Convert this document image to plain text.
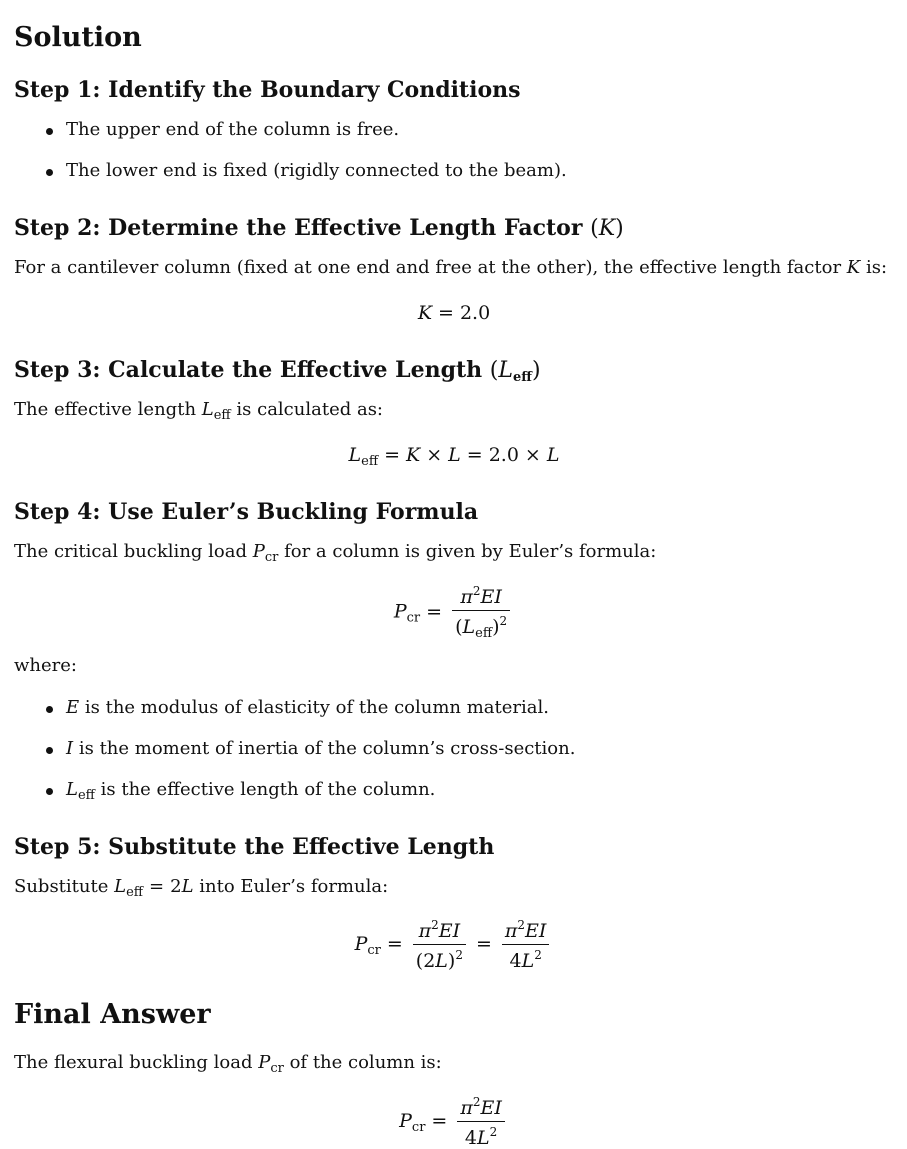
Solution
Step 1: Identify the Boundary Conditions
The upper end of the column is free.
The lower end is fixed (rigidly connected to the beam).
Step 2: Determine the Effective Length Factor (K)

For a cantilever column (fixed at one end and free at the other), the effective length factor K is:

K = 2.0
Step 3: Calculate the Effective Length (Leff)

The effective length $L_{eff}$ is calculated as:

$L_{eff} = K \times L = 2.0 \times L$
Step 4: Use Euler’s Buckling Formula

The critical buckling load $P_{cr}$ for a column is given by Euler’s formula:

$P_{cr} = \frac{\pi^2EI}{(L_{eff})^2}$

where:

E is the modulus of elasticity of the column material.
I is the moment of inertia of the column’s cross-section.
$L_{eff}$ is the effective length of the column.
Step 5: Substitute the Effective Length

Substitute $L_{eff} = 2L$ into Euler’s formula:

$P_{cr} = \frac{\pi^2EI}{(2L)^2} = \frac{\pi^2EI}{4L^2}$
Final Answer

The flexural buckling load $P_{cr}$ of the column is:

$P_{cr} = \frac{\pi^2EI}{4L^2}$
